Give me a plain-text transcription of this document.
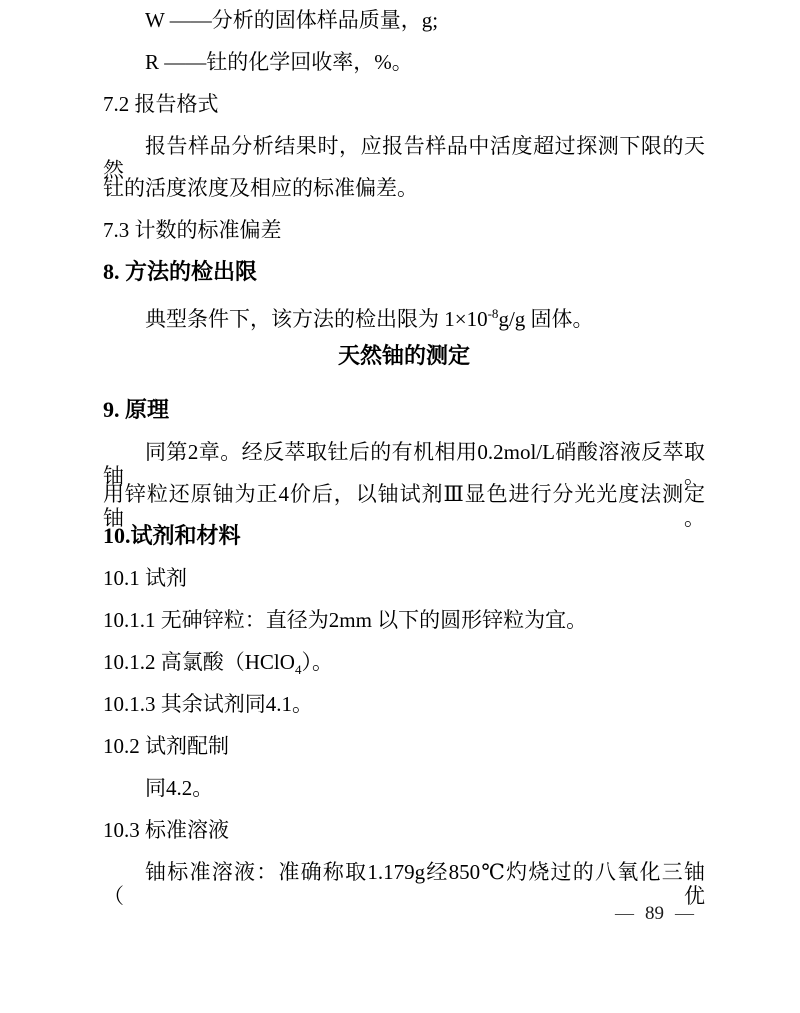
W ——分析的固体样品质量，g;
R ——钍的化学回收率，%。
7.2 报告格式
报告样品分析结果时，应报告样品中活度超过探测下限的天然
钍的活度浓度及相应的标准偏差。
7.3 计数的标准偏差
8. 方法的检出限
典型条件下，该方法的检出限为 $1\times 10^{-8}g/g$ 固体。
天然铀的测定
9. 原理
同第2章。经反萃取钍后的有机相用0.2mol/L硝酸溶液反萃取铀。
用锌粒还原铀为正4价后，以铀试剂Ⅲ显色进行分光光度法测定铀。
10.试剂和材料
10.1 试剂
10.1.1 无砷锌粒：直径为2mm 以下的圆形锌粒为宜。
10.1.2 高氯酸（HClO$_4$）。
10.1.3 其余试剂同4.1。
10.2 试剂配制
同4.2。
10.3 标准溶液
铀标准溶液：准确称取1.179g经850℃灼烧过的八氧化三铀（优
— 89 —
